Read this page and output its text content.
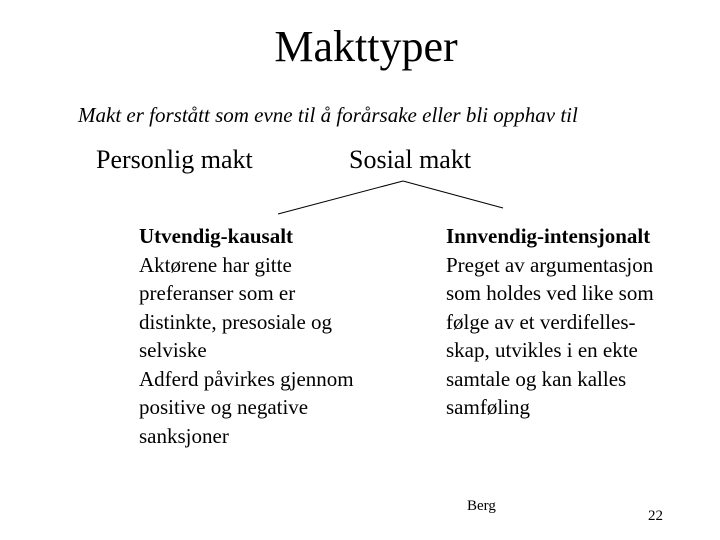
Makttyper
Makt er forstått som evne til å forårsake eller bli opphav til
Personlig makt	Sosial makt
Utvendig-kausalt
Aktørene har gitte
preferanser som er
distinkte, presosiale og
selviske
Adferd påvirkes gjennom
positive og negative
sanksjoner
Innvendig-intensjonalt
Preget av argumentasjon
som holdes ved like som
følge av et verdifelles-
skap, utvikles i en ekte
samtale og kan kalles
samføling
Berg
22
